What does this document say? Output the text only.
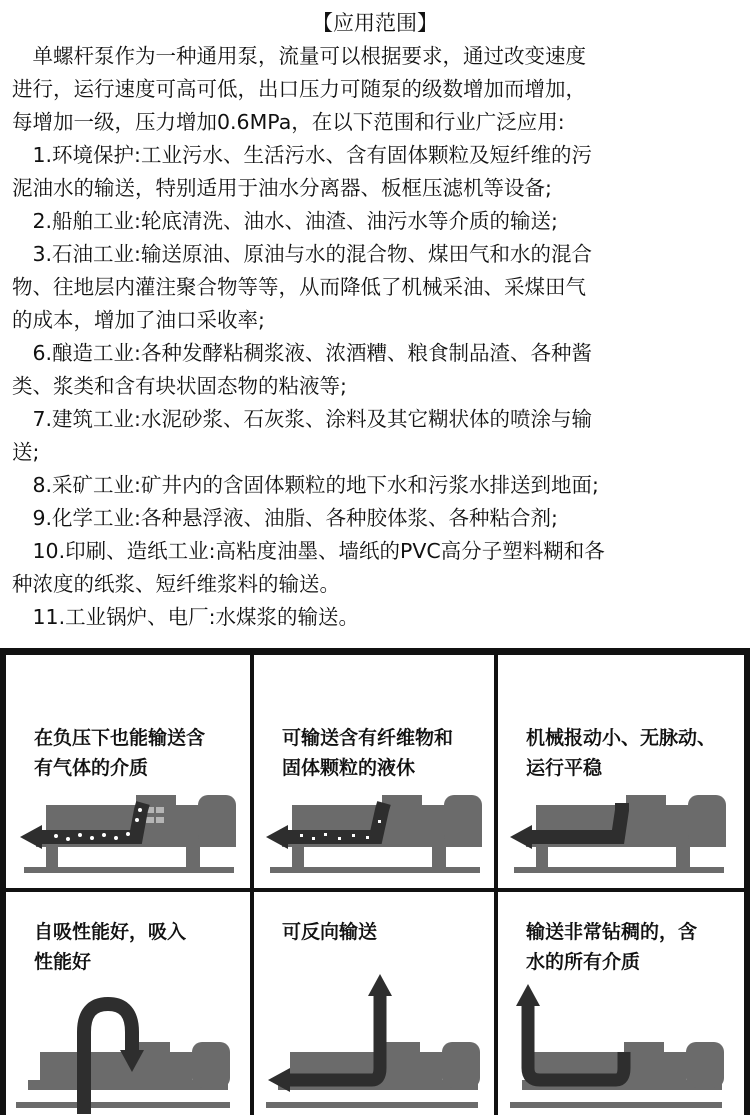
【应用范围】
　单螺杆泵作为一种通用泵，流量可以根据要求，通过改变速度
进行，运行速度可高可低，出口压力可随泵的级数增加而增加，
每增加一级，压力增加0.6MPa，在以下范围和行业广泛应用:
　1.环境保护:工业污水、生活污水、含有固体颗粒及短纤维的污
泥油水的输送，特别适用于油水分离器、板框压滤机等设备;
　2.船舶工业:轮底清洗、油水、油渣、油污水等介质的输送;
　3.石油工业:输送原油、原油与水的混合物、煤田气和水的混合
物、往地层内灌注聚合物等等，从而降低了机械采油、采煤田气
的成本，增加了油口采收率;
　6.酿造工业:各种发酵粘稠浆液、浓酒糟、粮食制品渣、各种酱
类、浆类和含有块状固态物的粘液等;
　7.建筑工业:水泥砂浆、石灰浆、涂料及其它糊状体的喷涂与输
送;
　8.采矿工业:矿井内的含固体颗粒的地下水和污浆水排送到地面;
　9.化学工业:各种悬浮液、油脂、各种胶体浆、各种粘合剂;
　10.印刷、造纸工业:高粘度油墨、墙纸的PVC高分子塑料糊和各
种浓度的纸浆、短纤维浆料的输送。
　11.工业锅炉、电厂:水煤浆的输送。
在负压下也能输送含
有气体的介质
可输送含有纤维物和
固体颗粒的液休
机械报动小、无脉动、
运行平稳
自吸性能好，吸入
性能好
可反向输送	输送非常钻稠的，含
水的所有介质
